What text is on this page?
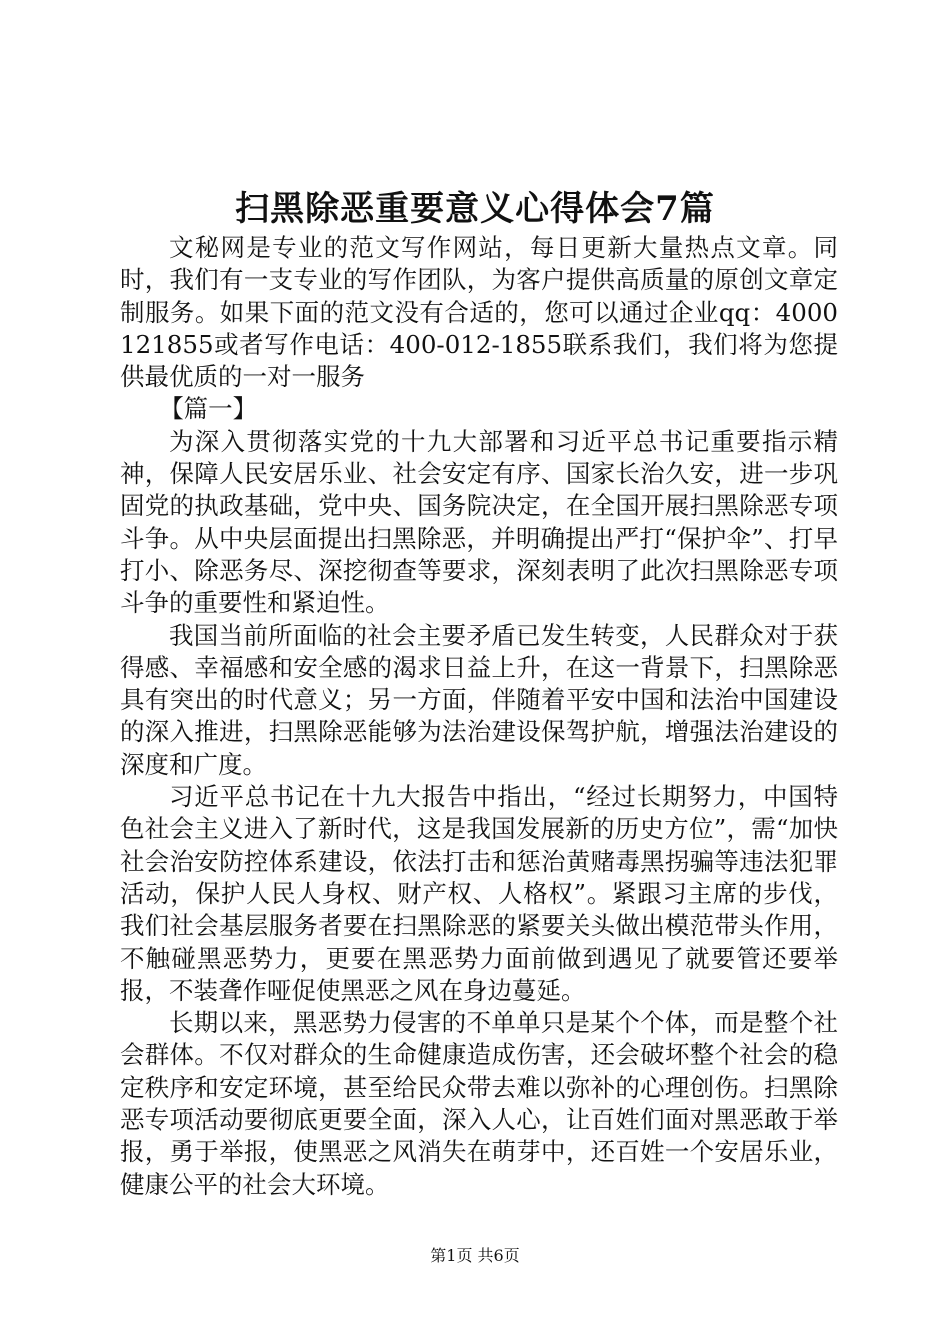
扫黑除恶重要意义心得体会7篇

文秘网是专业的范文写作网站，每日更新大量热点文章。同时，我们有一支专业的写作团队，为客户提供高质量的原创文章定制服务。如果下面的范文没有合适的，您可以通过企业qq：4000121855或者写作电话：400-012-1855联系我们，我们将为您提供最优质的一对一服务

【篇一】

为深入贯彻落实党的十九大部署和习近平总书记重要指示精神，保障人民安居乐业、社会安定有序、国家长治久安，进一步巩固党的执政基础，党中央、国务院决定，在全国开展扫黑除恶专项斗争。从中央层面提出扫黑除恶，并明确提出严打“保护伞”、打早打小、除恶务尽、深挖彻查等要求，深刻表明了此次扫黑除恶专项斗争的重要性和紧迫性。

我国当前所面临的社会主要矛盾已发生转变，人民群众对于获得感、幸福感和安全感的渴求日益上升，在这一背景下，扫黑除恶具有突出的时代意义；另一方面，伴随着平安中国和法治中国建设的深入推进，扫黑除恶能够为法治建设保驾护航，增强法治建设的深度和广度。

习近平总书记在十九大报告中指出，“经过长期努力，中国特色社会主义进入了新时代，这是我国发展新的历史方位”，需“加快社会治安防控体系建设，依法打击和惩治黄赌毒黑拐骗等违法犯罪活动，保护人民人身权、财产权、人格权”。紧跟习主席的步伐，我们社会基层服务者要在扫黑除恶的紧要关头做出模范带头作用，不触碰黑恶势力，更要在黑恶势力面前做到遇见了就要管还要举报，不装聋作哑促使黑恶之风在身边蔓延。

长期以来，黑恶势力侵害的不单单只是某个个体，而是整个社会群体。不仅对群众的生命健康造成伤害，还会破坏整个社会的稳定秩序和安定环境，甚至给民众带去难以弥补的心理创伤。扫黑除恶专项活动要彻底更要全面，深入人心，让百姓们面对黑恶敢于举报，勇于举报，使黑恶之风消失在萌芽中，还百姓一个安居乐业，健康公平的社会大环境。

第1页 共6页
